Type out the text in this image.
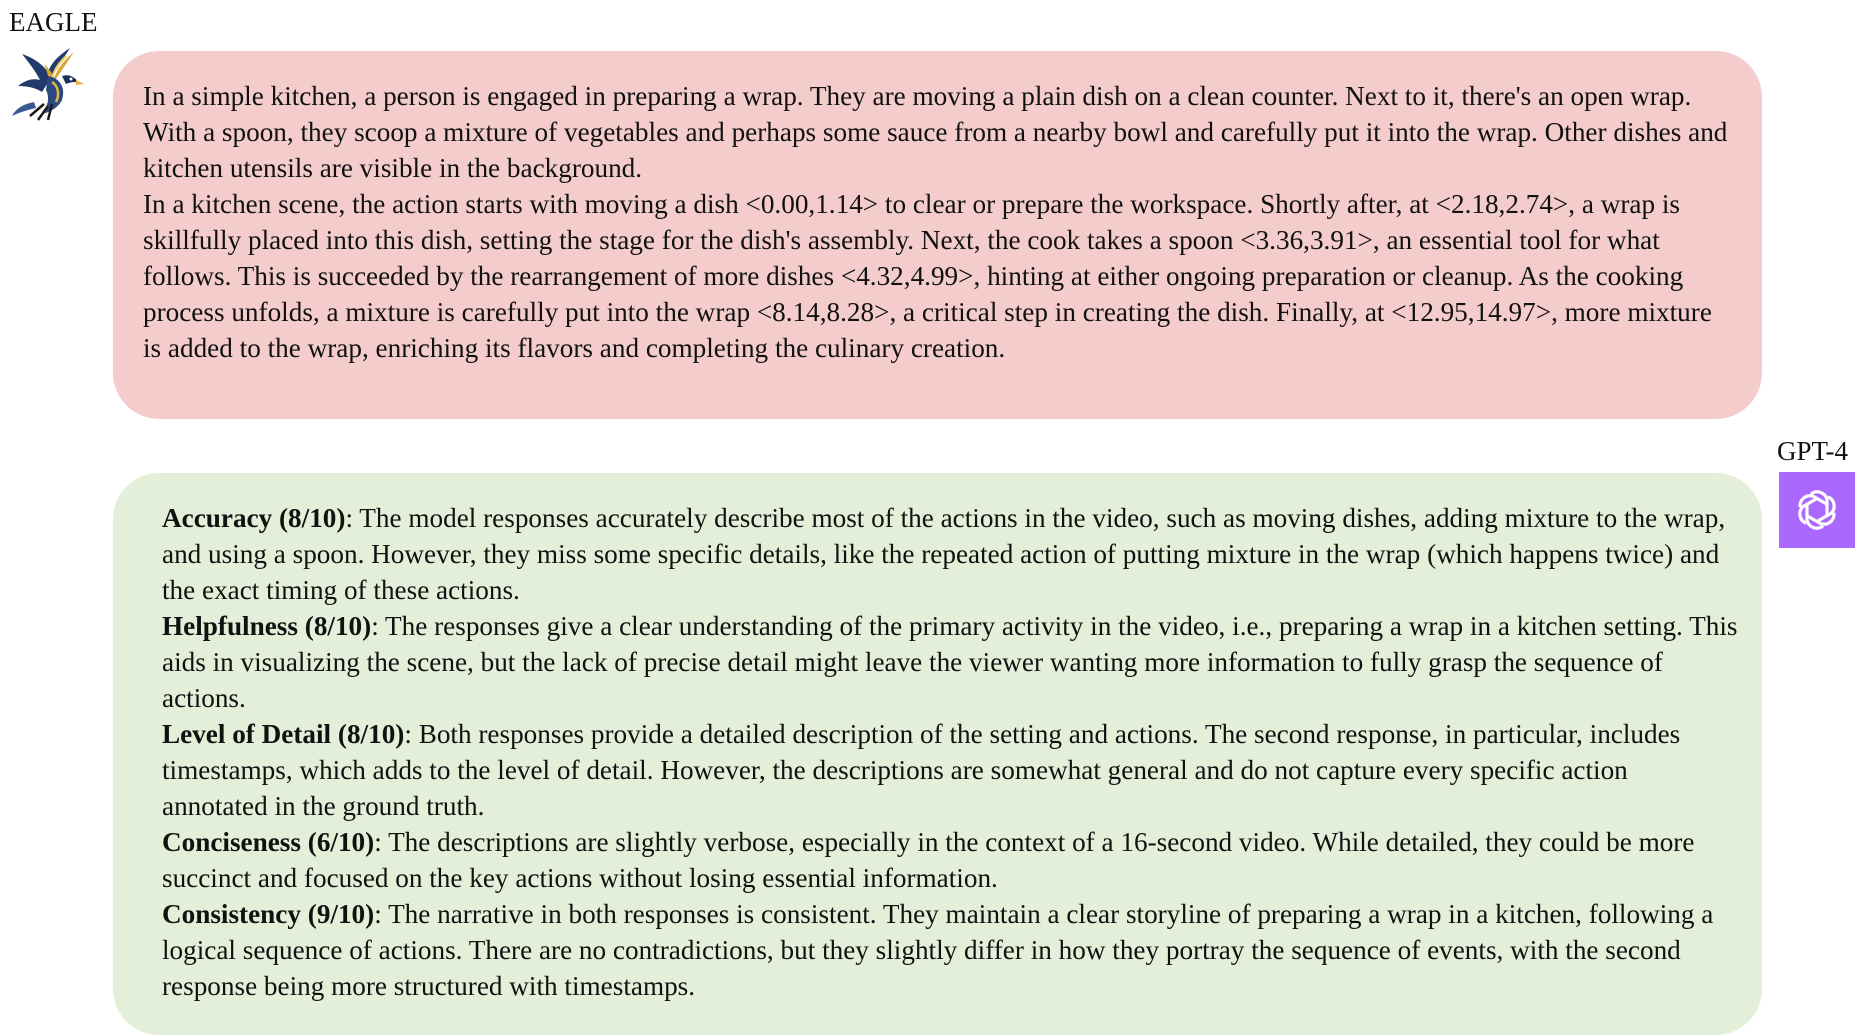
EAGLE

In a simple kitchen, a person is engaged in preparing a wrap. They are moving a plain dish on a clean counter. Next to it, there's an open wrap. With a spoon, they scoop a mixture of vegetables and perhaps some sauce from a nearby bowl and carefully put it into the wrap. Other dishes and kitchen utensils are visible in the background.

In a kitchen scene, the action starts with moving a dish <0.00,1.14> to clear or prepare the workspace. Shortly after, at <2.18,2.74>, a wrap is skillfully placed into this dish, setting the stage for the dish's assembly. Next, the cook takes a spoon <3.36,3.91>, an essential tool for what follows. This is succeeded by the rearrangement of more dishes <4.32,4.99>, hinting at either ongoing preparation or cleanup. As the cooking process unfolds, a mixture is carefully put into the wrap <8.14,8.28>, a critical step in creating the dish. Finally, at <12.95,14.97>, more mixture is added to the wrap, enriching its flavors and completing the culinary creation.

GPT-4

Accuracy (8/10): The model responses accurately describe most of the actions in the video, such as moving dishes, adding mixture to the wrap, and using a spoon. However, they miss some specific details, like the repeated action of putting mixture in the wrap (which happens twice) and the exact timing of these actions.

Helpfulness (8/10): The responses give a clear understanding of the primary activity in the video, i.e., preparing a wrap in a kitchen setting. This aids in visualizing the scene, but the lack of precise detail might leave the viewer wanting more information to fully grasp the sequence of actions.

Level of Detail (8/10): Both responses provide a detailed description of the setting and actions. The second response, in particular, includes timestamps, which adds to the level of detail. However, the descriptions are somewhat general and do not capture every specific action annotated in the ground truth.

Conciseness (6/10): The descriptions are slightly verbose, especially in the context of a 16-second video. While detailed, they could be more succinct and focused on the key actions without losing essential information.

Consistency (9/10): The narrative in both responses is consistent. They maintain a clear storyline of preparing a wrap in a kitchen, following a logical sequence of actions. There are no contradictions, but they slightly differ in how they portray the sequence of events, with the second response being more structured with timestamps.
